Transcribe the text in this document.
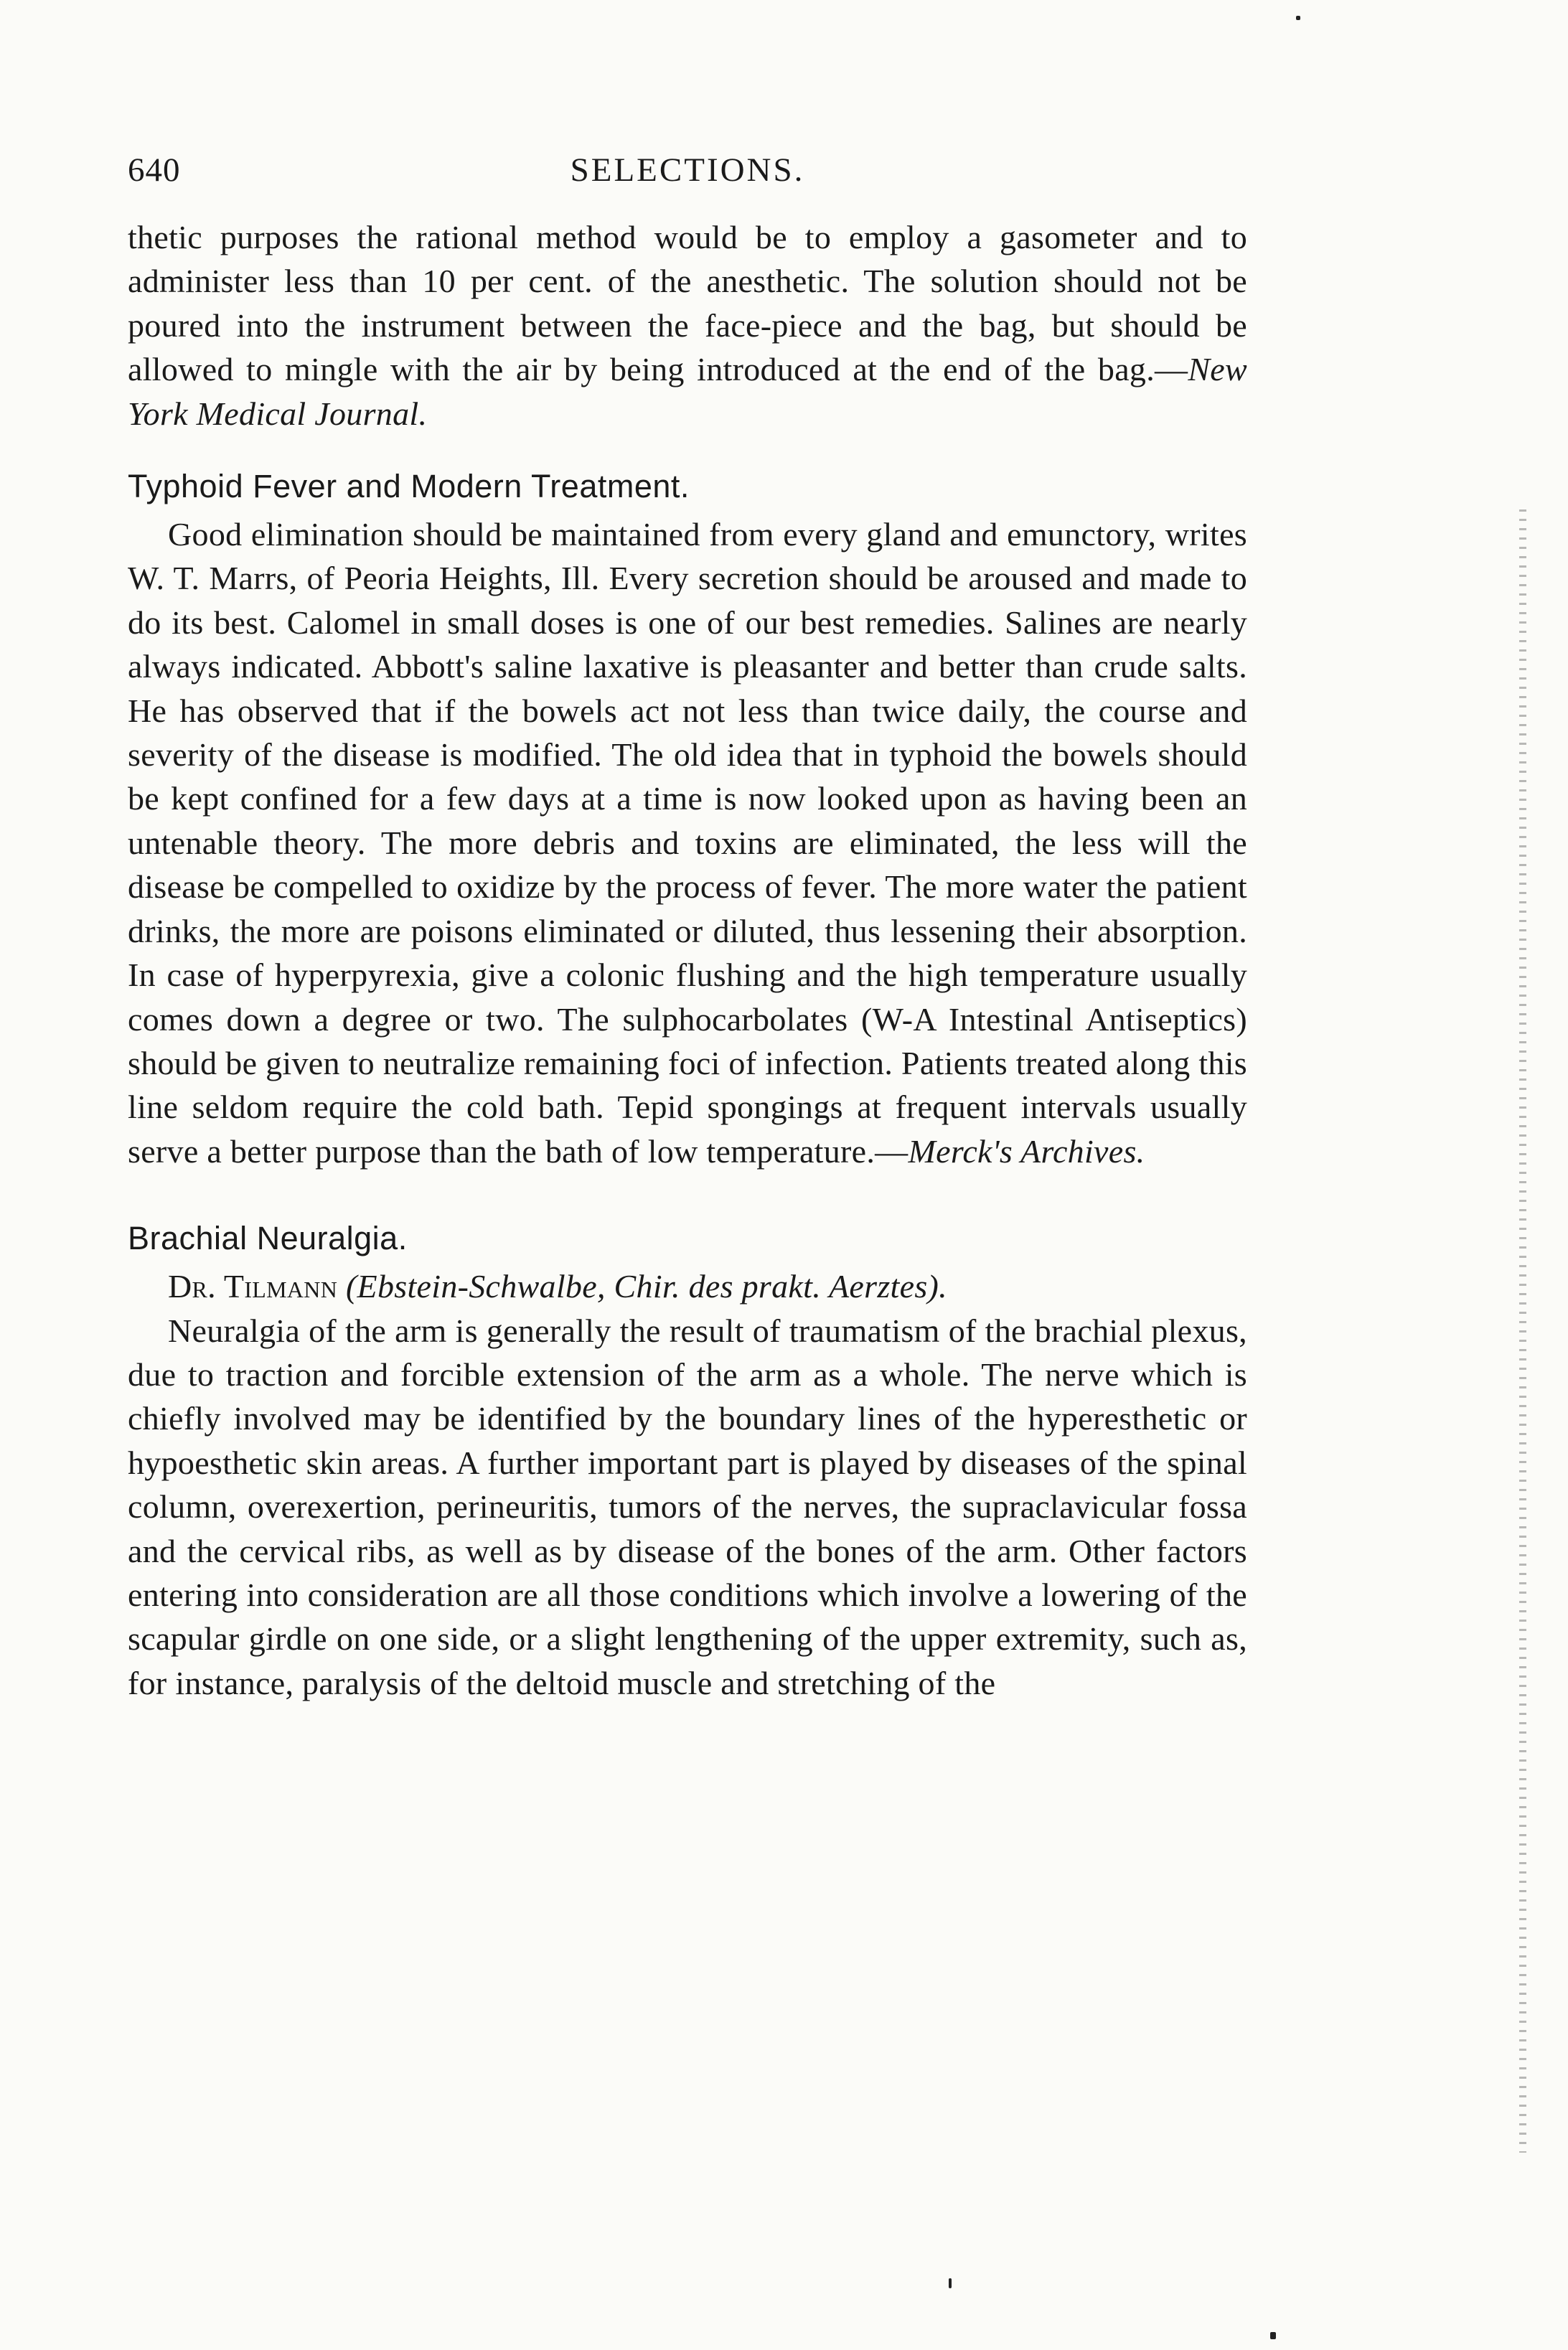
640	SELECTIONS.

thetic purposes the rational method would be to employ a gasometer and to administer less than 10 per cent. of the anesthetic. The solution should not be poured into the instrument between the face-piece and the bag, but should be allowed to mingle with the air by being introduced at the end of the bag.—New York Medical Journal.

Typhoid Fever and Modern Treatment.

Good elimination should be maintained from every gland and emunctory, writes W. T. Marrs, of Peoria Heights, Ill. Every secretion should be aroused and made to do its best. Calomel in small doses is one of our best remedies. Salines are nearly always indicated. Abbott's saline laxative is pleasanter and better than crude salts. He has observed that if the bowels act not less than twice daily, the course and severity of the disease is modified. The old idea that in typhoid the bowels should be kept confined for a few days at a time is now looked upon as having been an untenable theory. The more debris and toxins are eliminated, the less will the disease be compelled to oxidize by the process of fever. The more water the patient drinks, the more are poisons eliminated or diluted, thus lessening their absorption. In case of hyperpyrexia, give a colonic flushing and the high temperature usually comes down a degree or two. The sulphocarbolates (W-A Intestinal Antiseptics) should be given to neutralize remaining foci of infection. Patients treated along this line seldom require the cold bath. Tepid spongings at frequent intervals usually serve a better purpose than the bath of low temperature.—Merck's Archives.

Brachial Neuralgia.

Dr. Tilmann (Ebstein-Schwalbe, Chir. des prakt. Aerztes).

Neuralgia of the arm is generally the result of traumatism of the brachial plexus, due to traction and forcible extension of the arm as a whole. The nerve which is chiefly involved may be identified by the boundary lines of the hyperesthetic or hypoesthetic skin areas. A further important part is played by diseases of the spinal column, overexertion, perineuritis, tumors of the nerves, the supraclavicular fossa and the cervical ribs, as well as by disease of the bones of the arm. Other factors entering into consideration are all those conditions which involve a lowering of the scapular girdle on one side, or a slight lengthening of the upper extremity, such as, for instance, paralysis of the deltoid muscle and stretching of the
